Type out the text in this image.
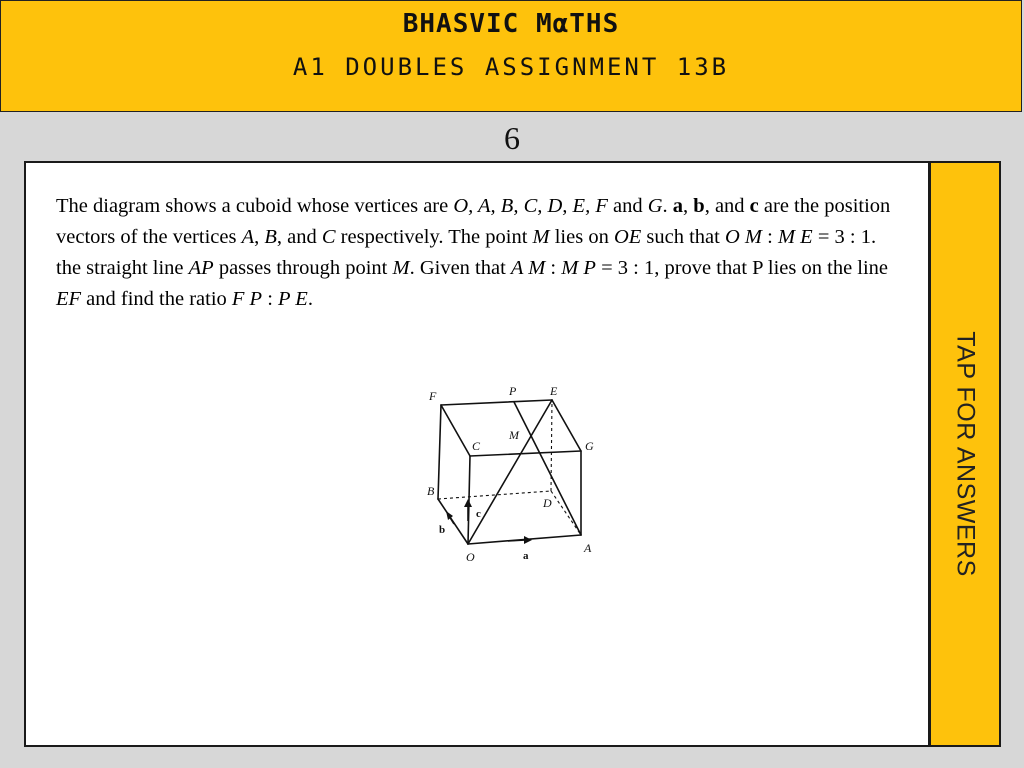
BHASVIC MαTHS
A1 DOUBLES ASSIGNMENT 13B
6

The diagram shows a cuboid whose vertices are O, A, B, C, D, E, F and G. a, b, and c are the position vectors of the vertices A, B, and C respectively. The point M lies on OE such that O M : M E = 3 : 1. the straight line AP passes through point M. Given that A M : M P = 3 : 1, prove that P lies on the line EF and find the ratio F P : P E.

F	P	E
C
M
G
B
D
O
A
c
b
a	TAP FOR ANSWERS
